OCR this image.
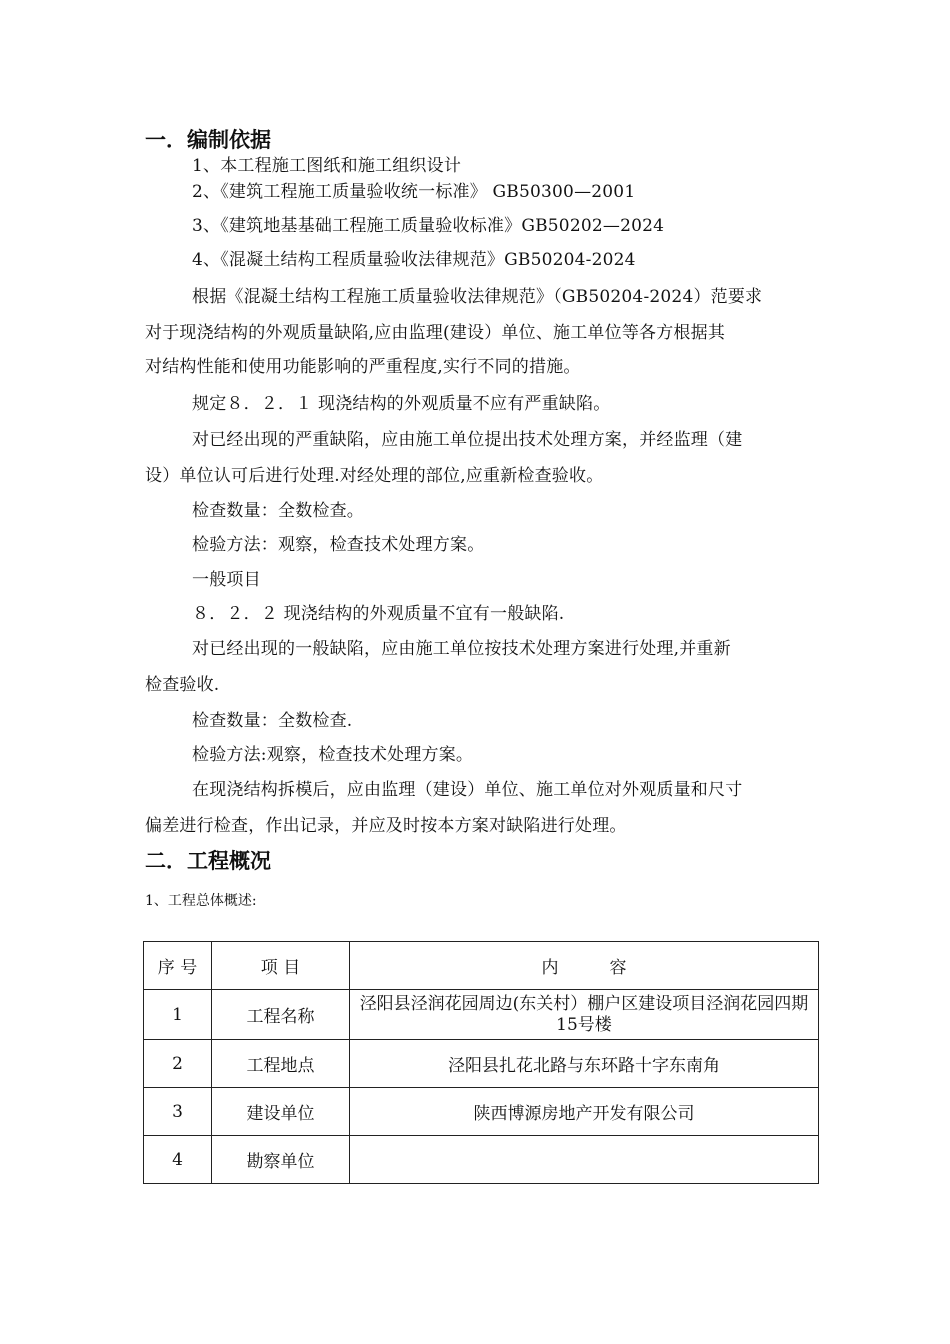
一．编制依据
1、本工程施工图纸和施工组织设计
2、《建筑工程施工质量验收统一标准》 GB50300—2001
3、《建筑地基基础工程施工质量验收标准》GB50202—2024
4、《混凝土结构工程质量验收法律规范》GB50204-2024
根据《混凝土结构工程施工质量验收法律规范》（GB50204-2024）范要求
对于现浇结构的外观质量缺陷,应由监理(建设）单位、施工单位等各方根据其
对结构性能和使用功能影响的严重程度,实行不同的措施。
规定８．２．１ 现浇结构的外观质量不应有严重缺陷。
对已经出现的严重缺陷，应由施工单位提出技术处理方案，并经监理（建
设）单位认可后进行处理.对经处理的部位,应重新检查验收。
检查数量：全数检查。
检验方法：观察，检查技术处理方案。
一般项目
８．２．２ 现浇结构的外观质量不宜有一般缺陷.
对已经出现的一般缺陷，应由施工单位按技术处理方案进行处理,并重新
检查验收.
检查数量：全数检查.
检验方法:观察，检查技术处理方案。
在现浇结构拆模后，应由监理（建设）单位、施工单位对外观质量和尺寸
偏差进行检查，作出记录，并应及时按本方案对缺陷进行处理。
二．工程概况
1、工程总体概述:
序 号	项 目	内　　　容
1	工程名称	泾阳县泾润花园周边(东关村）棚户区建设项目泾润花园四期15号楼
2	工程地点	泾阳县扎花北路与东环路十字东南角
3	建设单位	陕西博源房地产开发有限公司
4	勘察单位	
